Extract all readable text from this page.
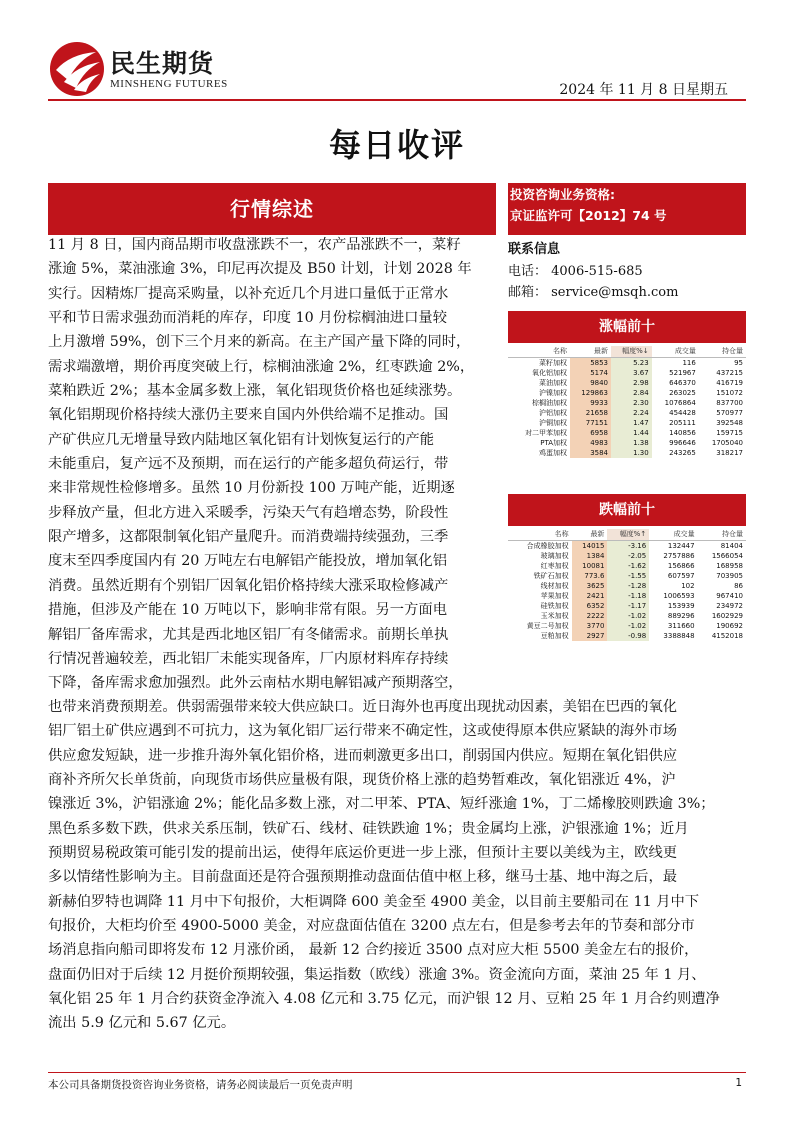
民生期货
MINSHENG FUTURES	2024 年 11 月 8 日星期五
每日收评
行情综述
投资咨询业务资格:
京证监许可【2012】74 号
联系信息
电话： 4006-515-685
邮箱： service@msqh.com
涨幅前十
名称	最新	幅度%↓	成交量	持仓量
菜籽加权	5853	5.23	116	95
氧化铝加权	5174	3.67	521967	437215
菜油加权	9840	2.98	646370	416719
沪镍加权	129863	2.84	263025	151072
棕榈油加权	9933	2.30	1076864	837700
沪铝加权	21658	2.24	454428	570977
沪铜加权	77151	1.47	205111	392548
对二甲苯加权	6958	1.44	140856	159715
PTA加权	4983	1.38	996646	1705040
鸡蛋加权	3584	1.30	243265	318217
跌幅前十
名称	最新	幅度%↑	成交量	持仓量
合成橡胶加权	14015	-3.16	132447	81404
玻璃加权	1384	-2.05	2757886	1566054
红枣加权	10081	-1.62	156866	168958
铁矿石加权	773.6	-1.55	607597	703905
线材加权	3625	-1.28	102	86
苹果加权	2421	-1.18	1006593	967410
硅铁加权	6352	-1.17	153939	234972
玉米加权	2222	-1.02	889296	1602929
黄豆二号加权	3770	-1.02	311660	190692
豆粕加权	2927	-0.98	3388848	4152018
11 月 8 日，国内商品期市收盘涨跌不一，农产品涨跌不一，菜籽
涨逾 5%，菜油涨逾 3%，印尼再次提及 B50 计划，计划 2028 年
实行。因精炼厂提高采购量，以补充近几个月进口量低于正常水
平和节日需求强劲而消耗的库存，印度 10 月份棕榈油进口量较
上月激增 59%，创下三个月来的新高。在主产国产量下降的同时，
需求端激增，期价再度突破上行，棕榈油涨逾 2%，红枣跌逾 2%，
菜粕跌近 2%；基本金属多数上涨，氧化铝现货价格也延续涨势。
氧化铝期现价格持续大涨仍主要来自国内外供给端不足推动。国
产矿供应几无增量导致内陆地区氧化铝有计划恢复运行的产能
未能重启，复产远不及预期，而在运行的产能多超负荷运行，带
来非常规性检修增多。虽然 10 月份新投 100 万吨产能，近期逐
步释放产量，但北方进入采暖季，污染天气有趋增态势，阶段性
限产增多，这都限制氧化铝产量爬升。而消费端持续强劲，三季
度末至四季度国内有 20 万吨左右电解铝产能投放，增加氧化铝
消费。虽然近期有个别铝厂因氧化铝价格持续大涨采取检修减产
措施，但涉及产能在 10 万吨以下，影响非常有限。另一方面电
解铝厂备库需求，尤其是西北地区铝厂有冬储需求。前期长单执
行情况普遍较差，西北铝厂未能实现备库，厂内原材料库存持续
下降，备库需求愈加强烈。此外云南枯水期电解铝减产预期落空，
也带来消费预期差。供弱需强带来较大供应缺口。近日海外也再度出现扰动因素，美铝在巴西的氧化
铝厂铝土矿供应遇到不可抗力，这为氧化铝厂运行带来不确定性，这或使得原本供应紧缺的海外市场
供应愈发短缺，进一步推升海外氧化铝价格，进而刺激更多出口，削弱国内供应。短期在氧化铝供应
商补齐所欠长单货前，向现货市场供应量极有限，现货价格上涨的趋势暂难改，氧化铝涨近 4%，沪
镍涨近 3%，沪铝涨逾 2%；能化品多数上涨，对二甲苯、PTA、短纤涨逾 1%，丁二烯橡胶则跌逾 3%；
黑色系多数下跌，供求关系压制，铁矿石、线材、硅铁跌逾 1%；贵金属均上涨，沪银涨逾 1%；近月
预期贸易税政策可能引发的提前出运，使得年底运价更进一步上涨，但预计主要以美线为主，欧线更
多以情绪性影响为主。目前盘面还是符合强预期推动盘面估值中枢上移，继马士基、地中海之后，最
新赫伯罗特也调降 11 月中下旬报价，大柜调降 600 美金至 4900 美金，以目前主要船司在 11 月中下
旬报价，大柜均价至 4900-5000 美金，对应盘面估值在 3200 点左右，但是参考去年的节奏和部分市
场消息指向船司即将发布 12 月涨价函， 最新 12 合约接近 3500 点对应大柜 5500 美金左右的报价，
盘面仍旧对于后续 12 月挺价预期较强，集运指数（欧线）涨逾 3%。资金流向方面，菜油 25 年 1 月、
氧化铝 25 年 1 月合约获资金净流入 4.08 亿元和 3.75 亿元，而沪银 12 月、豆粕 25 年 1 月合约则遭净
流出 5.9 亿元和 5.67 亿元。
本公司具备期货投资咨询业务资格，请务必阅读最后一页免责声明	1
